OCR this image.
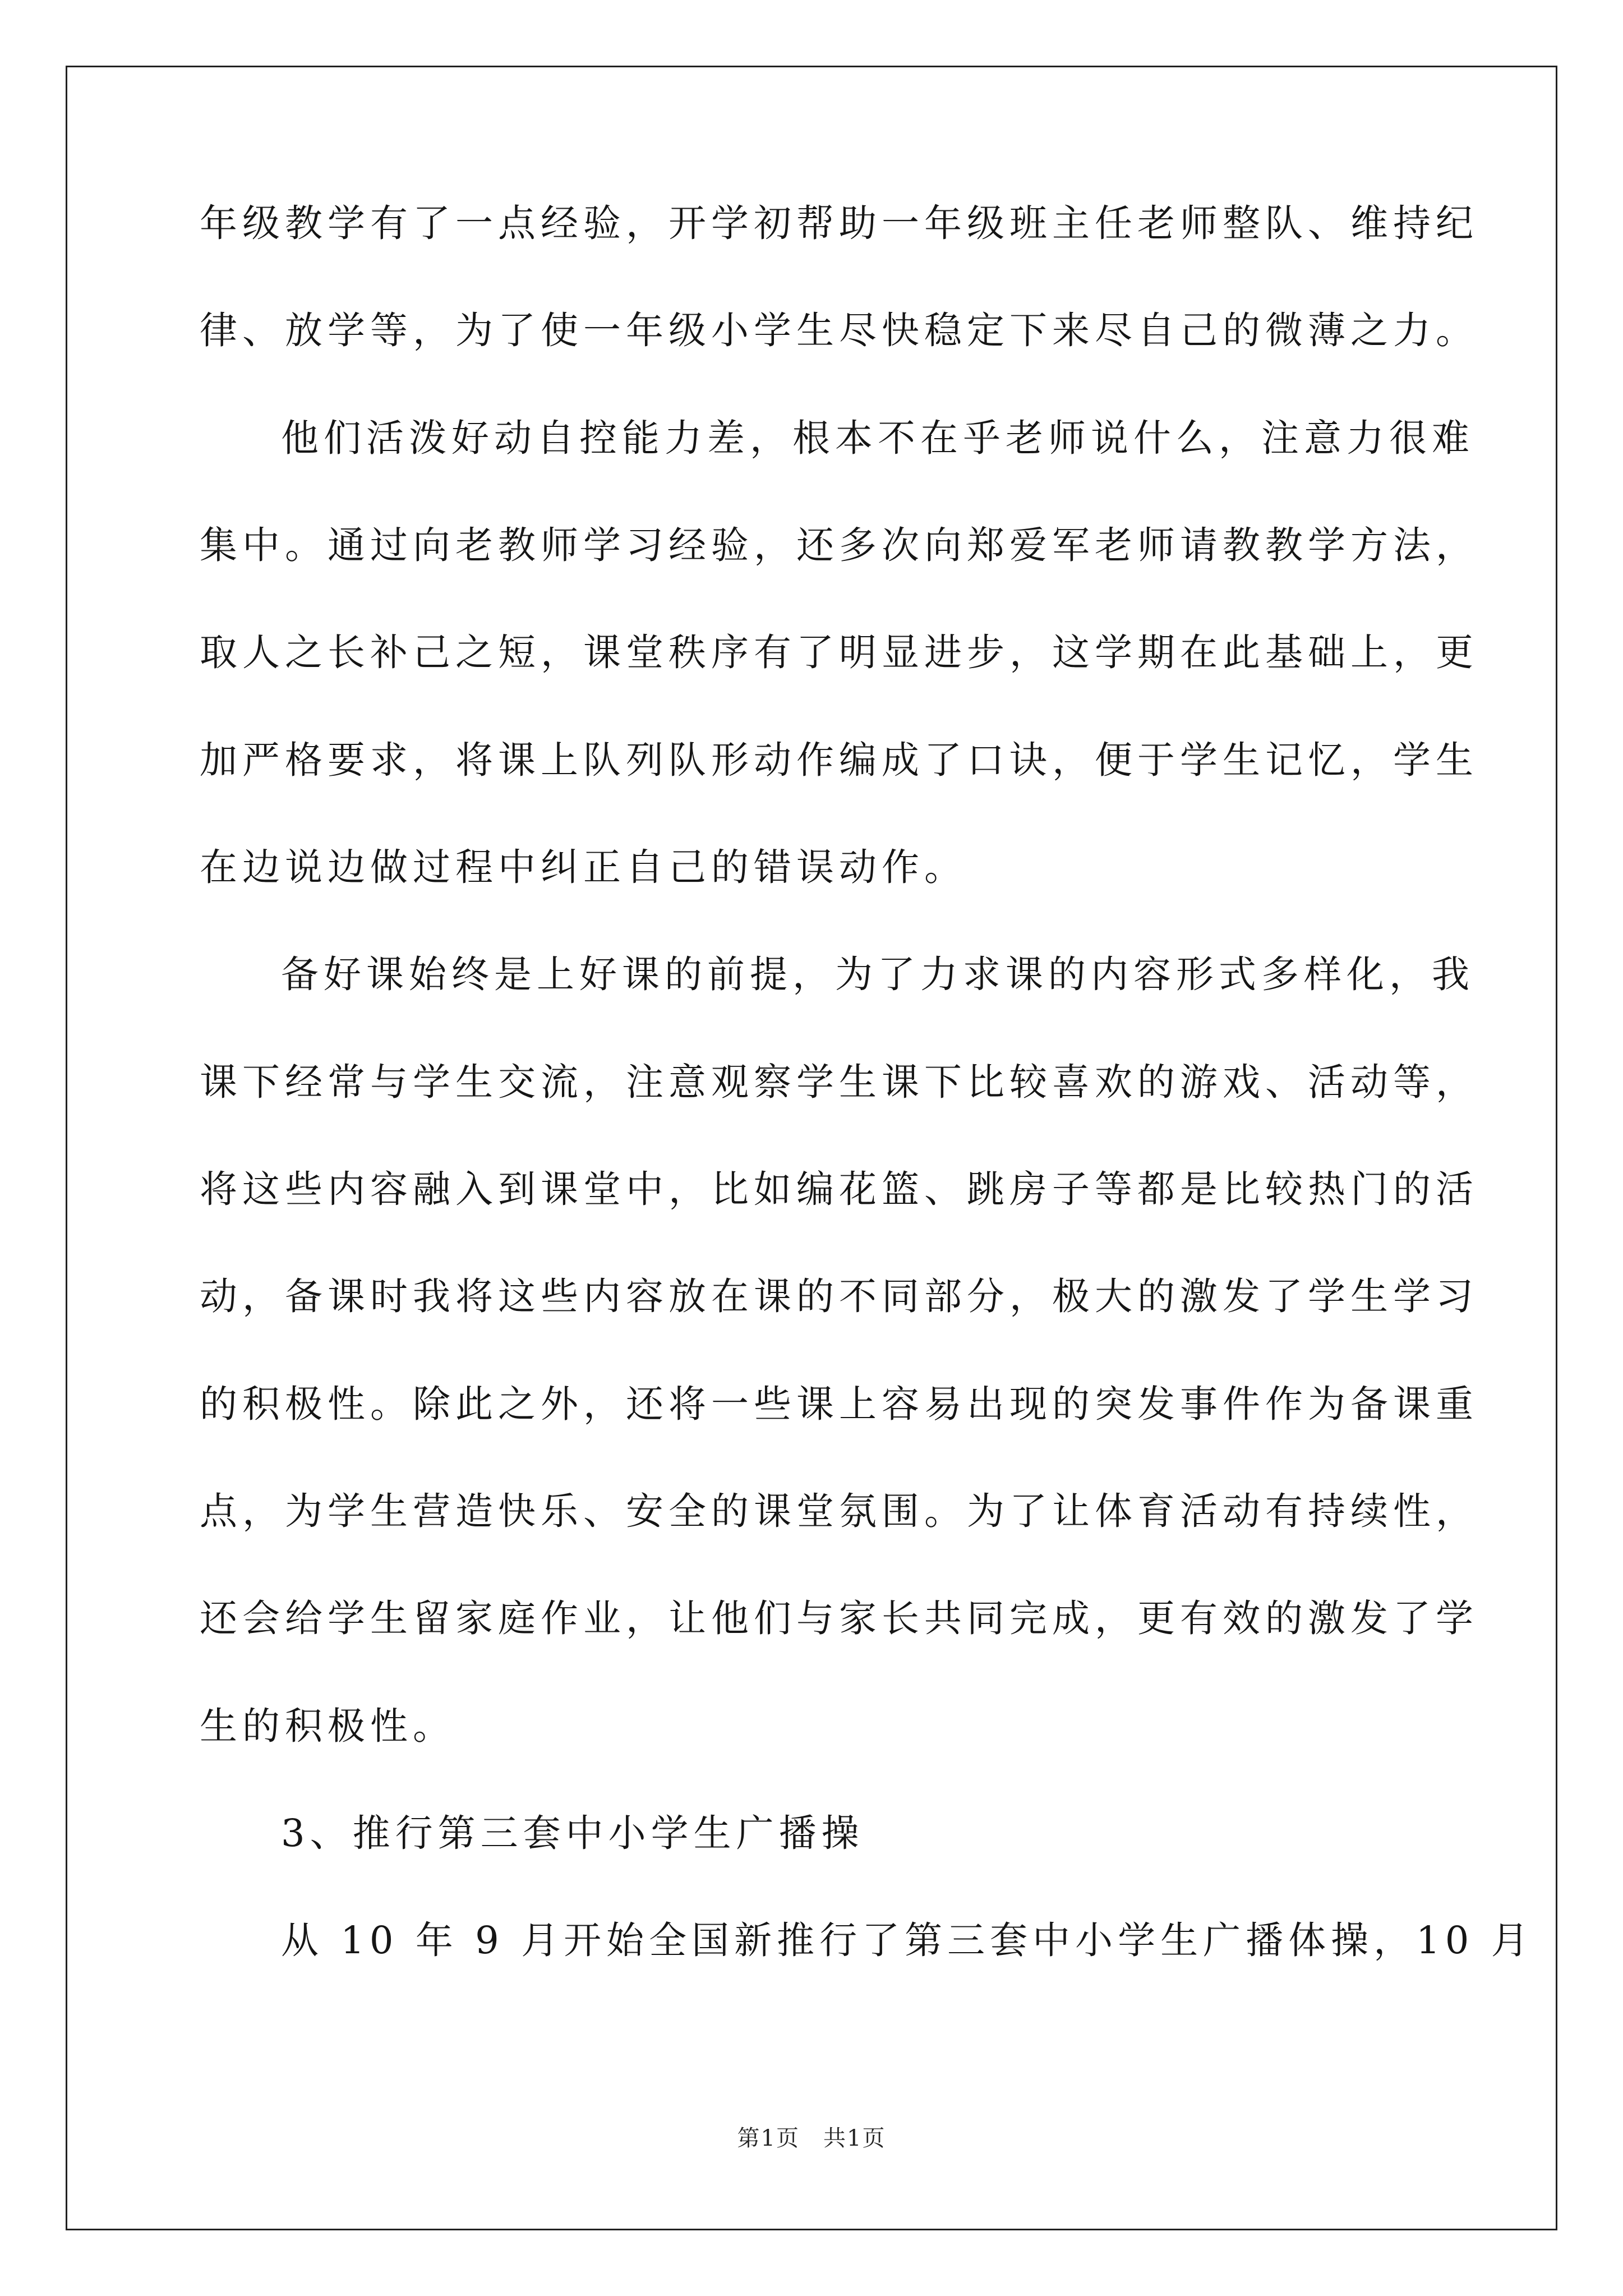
年级教学有了一点经验，开学初帮助一年级班主任老师整队、维持纪
律、放学等，为了使一年级小学生尽快稳定下来尽自己的微薄之力。
他们活泼好动自控能力差，根本不在乎老师说什么，注意力很难
集中。通过向老教师学习经验，还多次向郑爱军老师请教教学方法，
取人之长补己之短，课堂秩序有了明显进步，这学期在此基础上，更
加严格要求，将课上队列队形动作编成了口诀，便于学生记忆，学生
在边说边做过程中纠正自己的错误动作。
备好课始终是上好课的前提，为了力求课的内容形式多样化，我
课下经常与学生交流，注意观察学生课下比较喜欢的游戏、活动等，
将这些内容融入到课堂中，比如编花篮、跳房子等都是比较热门的活
动，备课时我将这些内容放在课的不同部分，极大的激发了学生学习
的积极性。除此之外，还将一些课上容易出现的突发事件作为备课重
点，为学生营造快乐、安全的课堂氛围。为了让体育活动有持续性，
还会给学生留家庭作业，让他们与家长共同完成，更有效的激发了学
生的积极性。
3、推行第三套中小学生广播操
从 10 年 9 月开始全国新推行了第三套中小学生广播体操，10 月
第1页　共1页
